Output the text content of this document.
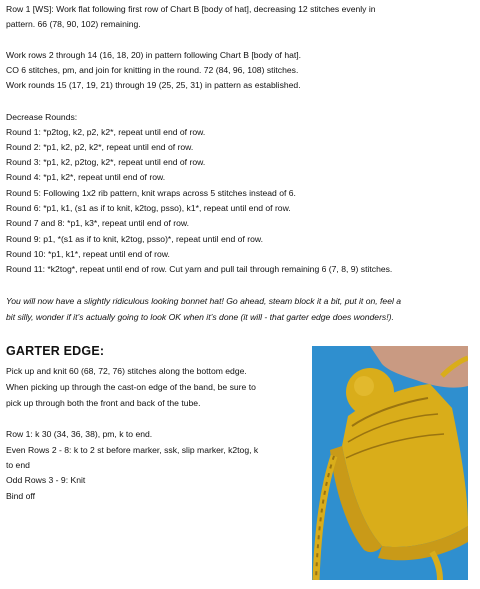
Row 1 [WS]: Work flat following first row of Chart B [body of hat], decreasing 12 stitches evenly in

pattern. 66 (78, 90, 102) remaining.

Work rows 2 through 14 (16, 18, 20) in pattern following Chart B [body of hat].

CO 6 stitches, pm, and join for knitting in the round. 72 (84, 96, 108) stitches.

Work rounds 15 (17, 19, 21) through 19 (25, 25, 31) in pattern as established.

Decrease Rounds:

Round 1: *p2tog, k2, p2, k2*, repeat until end of row.

Round 2: *p1, k2, p2, k2*, repeat until end of row.

Round 3: *p1, k2, p2tog, k2*, repeat until end of row.

Round 4: *p1, k2*, repeat until end of row.

Round 5: Following 1x2 rib pattern, knit wraps across 5 stitches instead of 6.

Round 6: *p1, k1, (s1 as if to knit, k2tog, psso), k1*, repeat until end of row.

Round 7 and 8: *p1, k3*, repeat until end of row.

Round 9: p1, *(s1 as if to knit, k2tog, psso)*, repeat until end of row.

Round 10: *p1, k1*, repeat until end of row.

Round 11: *k2tog*, repeat until end of row. Cut yarn and pull tail through remaining 6 (7, 8, 9) stitches.

You will now have a slightly ridiculous looking bonnet hat! Go ahead, steam block it a bit, put it on, feel a

bit silly, wonder if it’s actually going to look OK when it’s done (it will - that garter edge does wonders!).

GARTER EDGE:

Pick up and knit 60 (68, 72, 76) stitches along the bottom edge.

When picking up through the cast-on edge of the band, be sure to

pick up through both the front and back of the tube.

Row 1: k 30 (34, 36, 38), pm, k to end.

Even Rows 2 - 8: k to 2 st before marker, ssk, slip marker, k2tog, k

to end

Odd Rows 3 - 9: Knit

Bind off
